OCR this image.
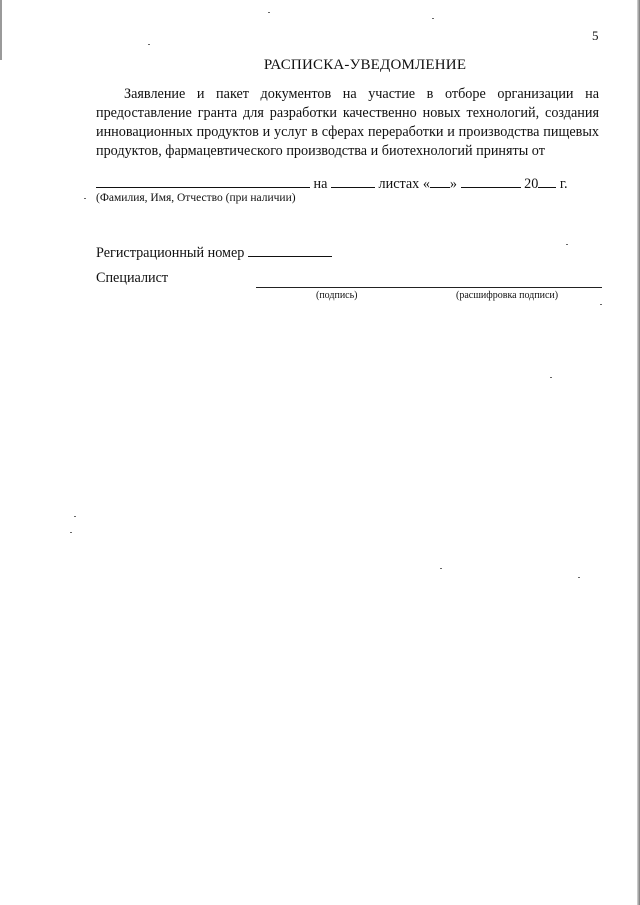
5
РАСПИСКА-УВЕДОМЛЕНИЕ
Заявление и пакет документов на участие в отборе организации на предоставление гранта для разработки качественно новых технологий, создания инновационных продуктов и услуг в сферах переработки и производства пищевых продуктов, фармацевтического производства и биотехнологий приняты от
на	листах « »	20 г.
(Фамилия, Имя, Отчество (при наличии)
Регистрационный номер
Специалист
(подпись)	(расшифровка подписи)
